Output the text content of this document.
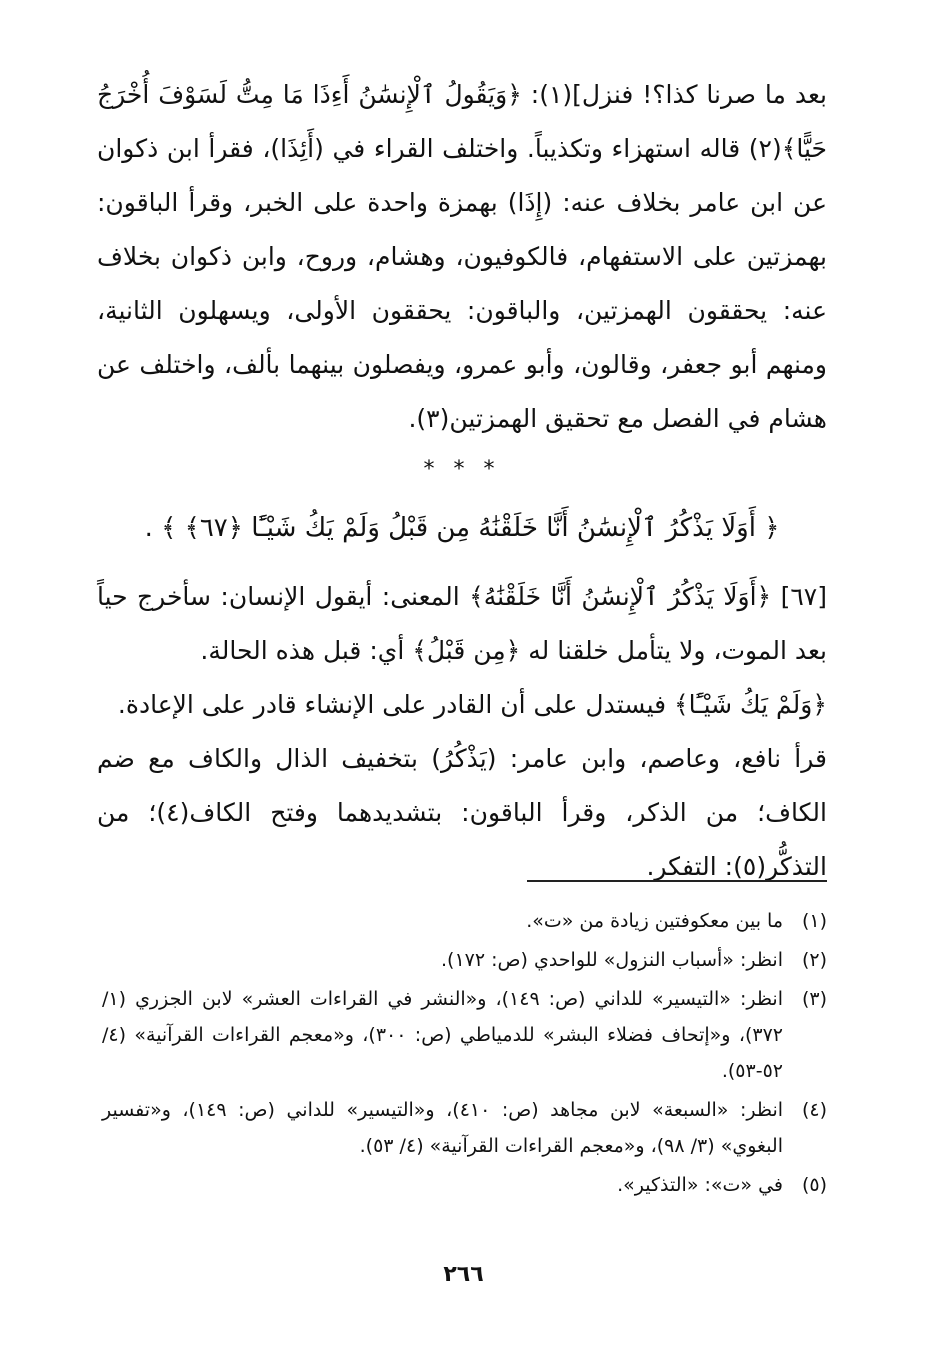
بعد ما صرنا كذا؟! فنزل](١): ﴿وَيَقُولُ ٱلْإِنسَٰنُ أَءِذَا مَا مِتُّ لَسَوْفَ أُخْرَجُ حَيًّا﴾(٢) قاله استهزاء وتكذيباً. واختلف القراء في (أَئِذَا)، فقرأ ابن ذكوان عن ابن عامر بخلاف عنه: (إِذَا) بهمزة واحدة على الخبر، وقرأ الباقون: بهمزتين على الاستفهام، فالكوفيون، وهشام، وروح، وابن ذكوان بخلاف عنه: يحققون الهمزتين، والباقون: يحققون الأولى، ويسهلون الثانية، ومنهم أبو جعفر، وقالون، وأبو عمرو، ويفصلون بينهما بألف، واختلف عن هشام في الفصل مع تحقيق الهمزتين(٣).

* * *
﴿ أَوَلَا يَذْكُرُ ٱلْإِنسَٰنُ أَنَّا خَلَقْنَٰهُ مِن قَبْلُ وَلَمْ يَكُ شَيْـًٔا ﴿٦٧﴾ ﴾ .

[٦٧] ﴿أَوَلَا يَذْكُرُ ٱلْإِنسَٰنُ أَنَّا خَلَقْنَٰهُ﴾ المعنى: أيقول الإنسان: سأخرج حياً بعد الموت، ولا يتأمل خلقنا له ﴿مِن قَبْلُ﴾ أي: قبل هذه الحالة.

﴿وَلَمْ يَكُ شَيْـًٔا﴾ فيستدل على أن القادر على الإنشاء قادر على الإعادة.

قرأ نافع، وعاصم، وابن عامر: (يَذْكُرُ) بتخفيف الذال والكاف مع ضم الكاف؛ من الذكر، وقرأ الباقون: بتشديدهما وفتح الكاف(٤)؛ من التذكُّر(٥): التفكر.

(١)
ما بين معكوفتين زيادة من «ت».
(٢)
انظر: «أسباب النزول» للواحدي (ص: ١٧٢).
(٣)
انظر: «التيسير» للداني (ص: ١٤٩)، و«النشر في القراءات العشر» لابن الجزري (١/ ٣٧٢)، و«إتحاف فضلاء البشر» للدمياطي (ص: ٣٠٠)، و«معجم القراءات القرآنية» (٤/ ٥٢-٥٣).
(٤)
انظر: «السبعة» لابن مجاهد (ص: ٤١٠)، و«التيسير» للداني (ص: ١٤٩)، و«تفسير البغوي» (٣/ ٩٨)، و«معجم القراءات القرآنية» (٤/ ٥٣).
(٥)
في «ت»: «التذكير».
٢٦٦
